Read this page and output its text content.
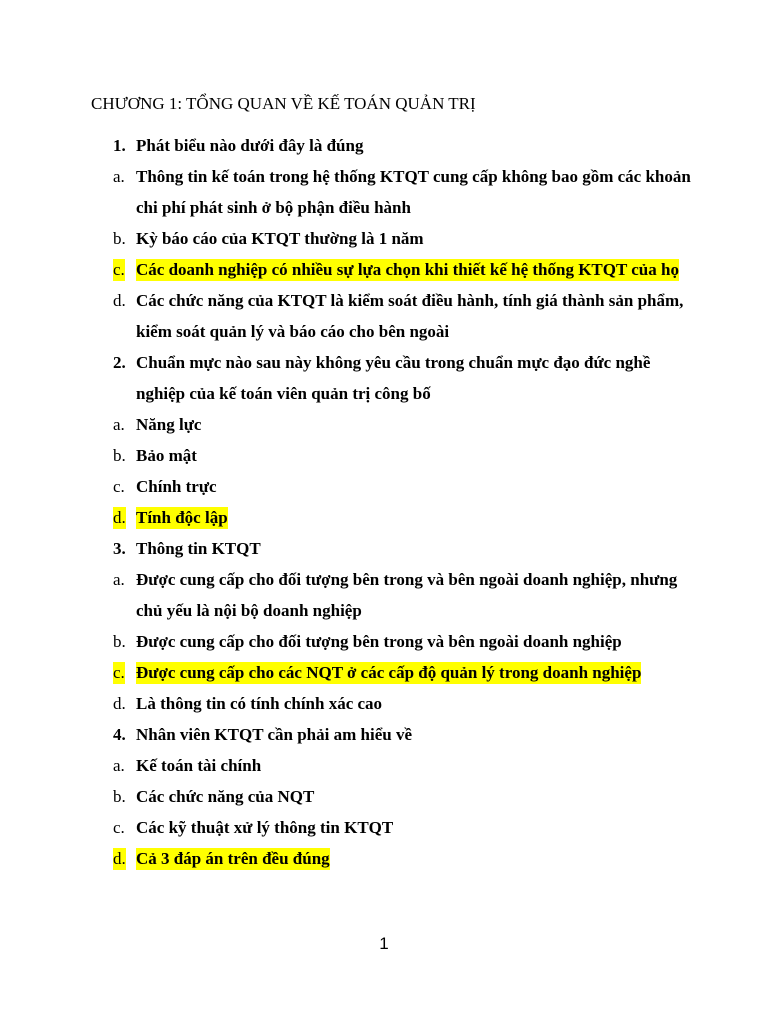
CHƯƠNG 1: TỔNG QUAN VỀ KẾ TOÁN QUẢN TRỊ
1. Phát biểu nào dưới đây là đúng
a. Thông tin kế toán trong hệ thống KTQT cung cấp không bao gồm các khoản
chi phí phát sinh ở bộ phận điều hành
b. Kỳ báo cáo của KTQT thường là 1 năm
c. Các doanh nghiệp có nhiều sự lựa chọn khi thiết kế hệ thống KTQT của họ
d. Các chức năng của KTQT là kiểm soát điều hành, tính giá thành sản phẩm,
kiểm soát quản lý và báo cáo cho bên ngoài
2. Chuẩn mực nào sau này không yêu cầu trong chuẩn mực đạo đức nghề
nghiệp của kế toán viên quản trị công bố
a. Năng lực
b. Bảo mật
c. Chính trực
d. Tính độc lập
3. Thông tin KTQT
a. Được cung cấp cho đối tượng bên trong và bên ngoài doanh nghiệp, nhưng
chủ yếu là nội bộ doanh nghiệp
b. Được cung cấp cho đối tượng bên trong và bên ngoài doanh nghiệp
c. Được cung cấp cho các NQT ở các cấp độ quản lý trong doanh nghiệp
d. Là thông tin có tính chính xác cao
4. Nhân viên KTQT cần phải am hiểu về
a. Kế toán tài chính
b. Các chức năng của NQT
c. Các kỹ thuật xử lý thông tin KTQT
d. Cả 3 đáp án trên đều đúng
1
